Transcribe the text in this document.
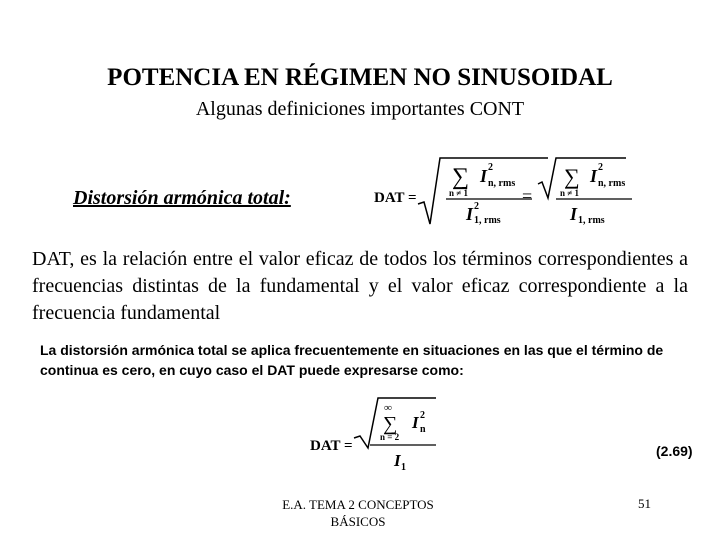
POTENCIA EN RÉGIMEN NO SINUSOIDAL
Algunas definiciones importantes CONT
Distorsión armónica total:	DAT =
∑
n ≠ 1
I 2
n, rms
I 2
1, rms
=
∑
n ≠ 1
I 2
n, rms
I 1, rms
DAT, es la relación entre el valor eficaz de todos los términos correspondientes a frecuencias distintas de la fundamental y el valor eficaz correspondiente a la frecuencia fundamental
La distorsión armónica total se aplica frecuentemente en situaciones en las que el término de continua es cero, en cuyo caso el DAT puede expresarse como:
DAT =
∞
∑
n = 2
I 2
n
I 1
(2.69)
E.A. TEMA 2 CONCEPTOS BÁSICOS
51
